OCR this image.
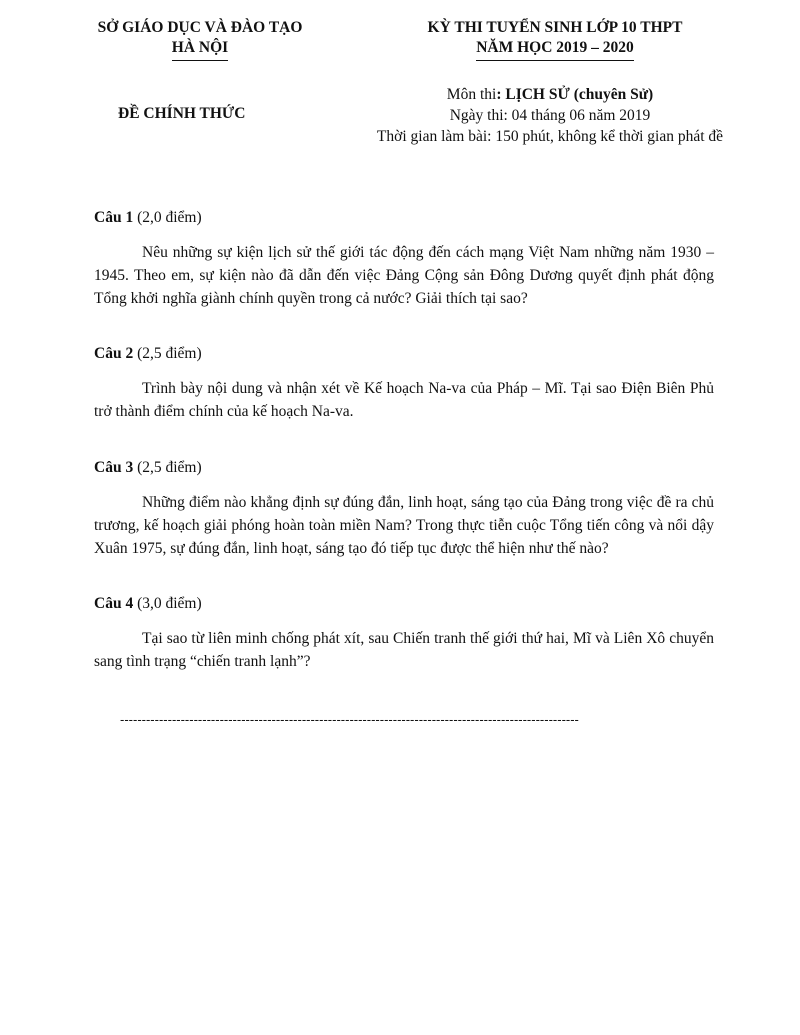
SỞ GIÁO DỤC VÀ ĐÀO TẠO
HÀ NỘI
KỲ THI TUYỂN SINH LỚP 10 THPT
NĂM HỌC 2019 – 2020
ĐỀ CHÍNH THỨC
Môn thi: LỊCH SỬ (chuyên Sử)
Ngày thi: 04 tháng 06 năm 2019
Thời gian làm bài: 150 phút, không kể thời gian phát đề
Câu 1 (2,0 điểm)
Nêu những sự kiện lịch sử thế giới tác động đến cách mạng Việt Nam những năm 1930 – 1945. Theo em, sự kiện nào đã dẫn đến việc Đảng Cộng sản Đông Dương quyết định phát động Tổng khởi nghĩa giành chính quyền trong cả nước? Giải thích tại sao?
Câu 2 (2,5 điểm)
Trình bày nội dung và nhận xét về Kế hoạch Na-va của Pháp – Mĩ. Tại sao Điện Biên Phủ trở thành điểm chính của kế hoạch Na-va.
Câu 3 (2,5 điểm)
Những điểm nào khẳng định sự đúng đắn, linh hoạt, sáng tạo của Đảng trong việc đề ra chủ trương, kế hoạch giải phóng hoàn toàn miền Nam? Trong thực tiễn cuộc Tổng tiến công và nổi dậy Xuân 1975, sự đúng đắn, linh hoạt, sáng tạo đó tiếp tục được thể hiện như thế nào?
Câu 4 (3,0 điểm)
Tại sao từ liên minh chống phát xít, sau Chiến tranh thế giới thứ hai, Mĩ và Liên Xô chuyển sang tình trạng “chiến tranh lạnh”?
----------------------------------------------------------------------------------------------------------
